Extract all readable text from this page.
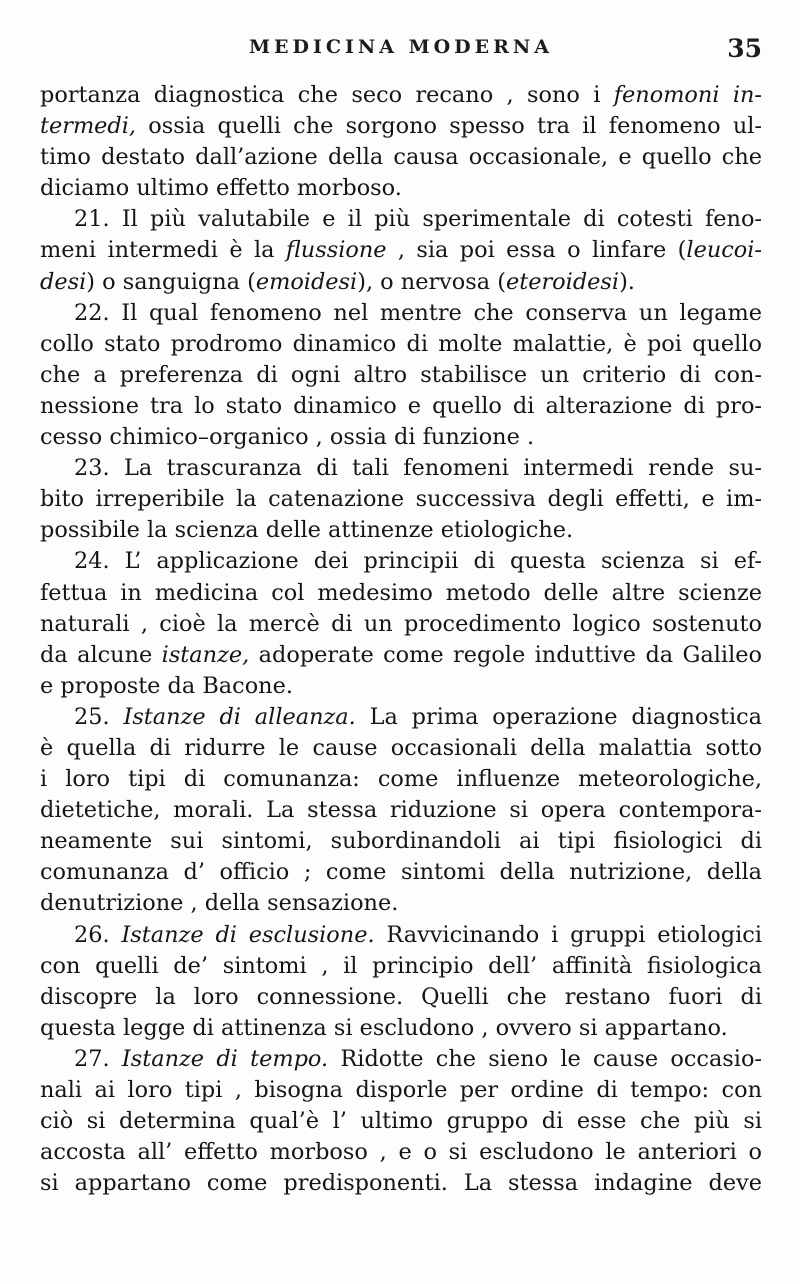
MEDICINA MODERNA	35
portanza diagnostica che seco recano , sono i fenomoni in-
termedi, ossia quelli che sorgono spesso tra il fenomeno ul-
timo destato dall’azione della causa occasionale, e quello che
diciamo ultimo effetto morboso.
21. Il più valutabile e il più sperimentale di cotesti feno-
meni intermedi è la flussione , sia poi essa o linfare (leucoi-
desi) o sanguigna (emoidesi), o nervosa (eteroidesi).
22. Il qual fenomeno nel mentre che conserva un legame
collo stato prodromo dinamico di molte malattie, è poi quello
che a preferenza di ogni altro stabilisce un criterio di con-
nessione tra lo stato dinamico e quello di alterazione di pro-
cesso chimico–organico , ossia di funzione .
23. La trascuranza di tali fenomeni intermedi rende su-
bito irreperibile la catenazione successiva degli effetti, e im-
possibile la scienza delle attinenze etiologiche.
24. L’ applicazione dei principii di questa scienza si ef-
fettua in medicina col medesimo metodo delle altre scienze
naturali , cioè la mercè di un procedimento logico sostenuto
da alcune istanze, adoperate come regole induttive da Galileo
e proposte da Bacone.
25. Istanze di alleanza. La prima operazione diagnostica
è quella di ridurre le cause occasionali della malattia sotto
i loro tipi di comunanza: come influenze meteorologiche,
dietetiche, morali. La stessa riduzione si opera contempora-
neamente sui sintomi, subordinandoli ai tipi fisiologici di
comunanza d’ officio ; come sintomi della nutrizione, della
denutrizione , della sensazione.
26. Istanze di esclusione. Ravvicinando i gruppi etiologici
con quelli de’ sintomi , il principio dell’ affinità fisiologica
discopre la loro connessione. Quelli che restano fuori di
questa legge di attinenza si escludono , ovvero si appartano.
27. Istanze di tempo. Ridotte che sieno le cause occasio-
nali ai loro tipi , bisogna disporle per ordine di tempo: con
ciò si determina qual’è l’ ultimo gruppo di esse che più si
accosta all’ effetto morboso , e o si escludono le anteriori o
si appartano come predisponenti. La stessa indagine deve
